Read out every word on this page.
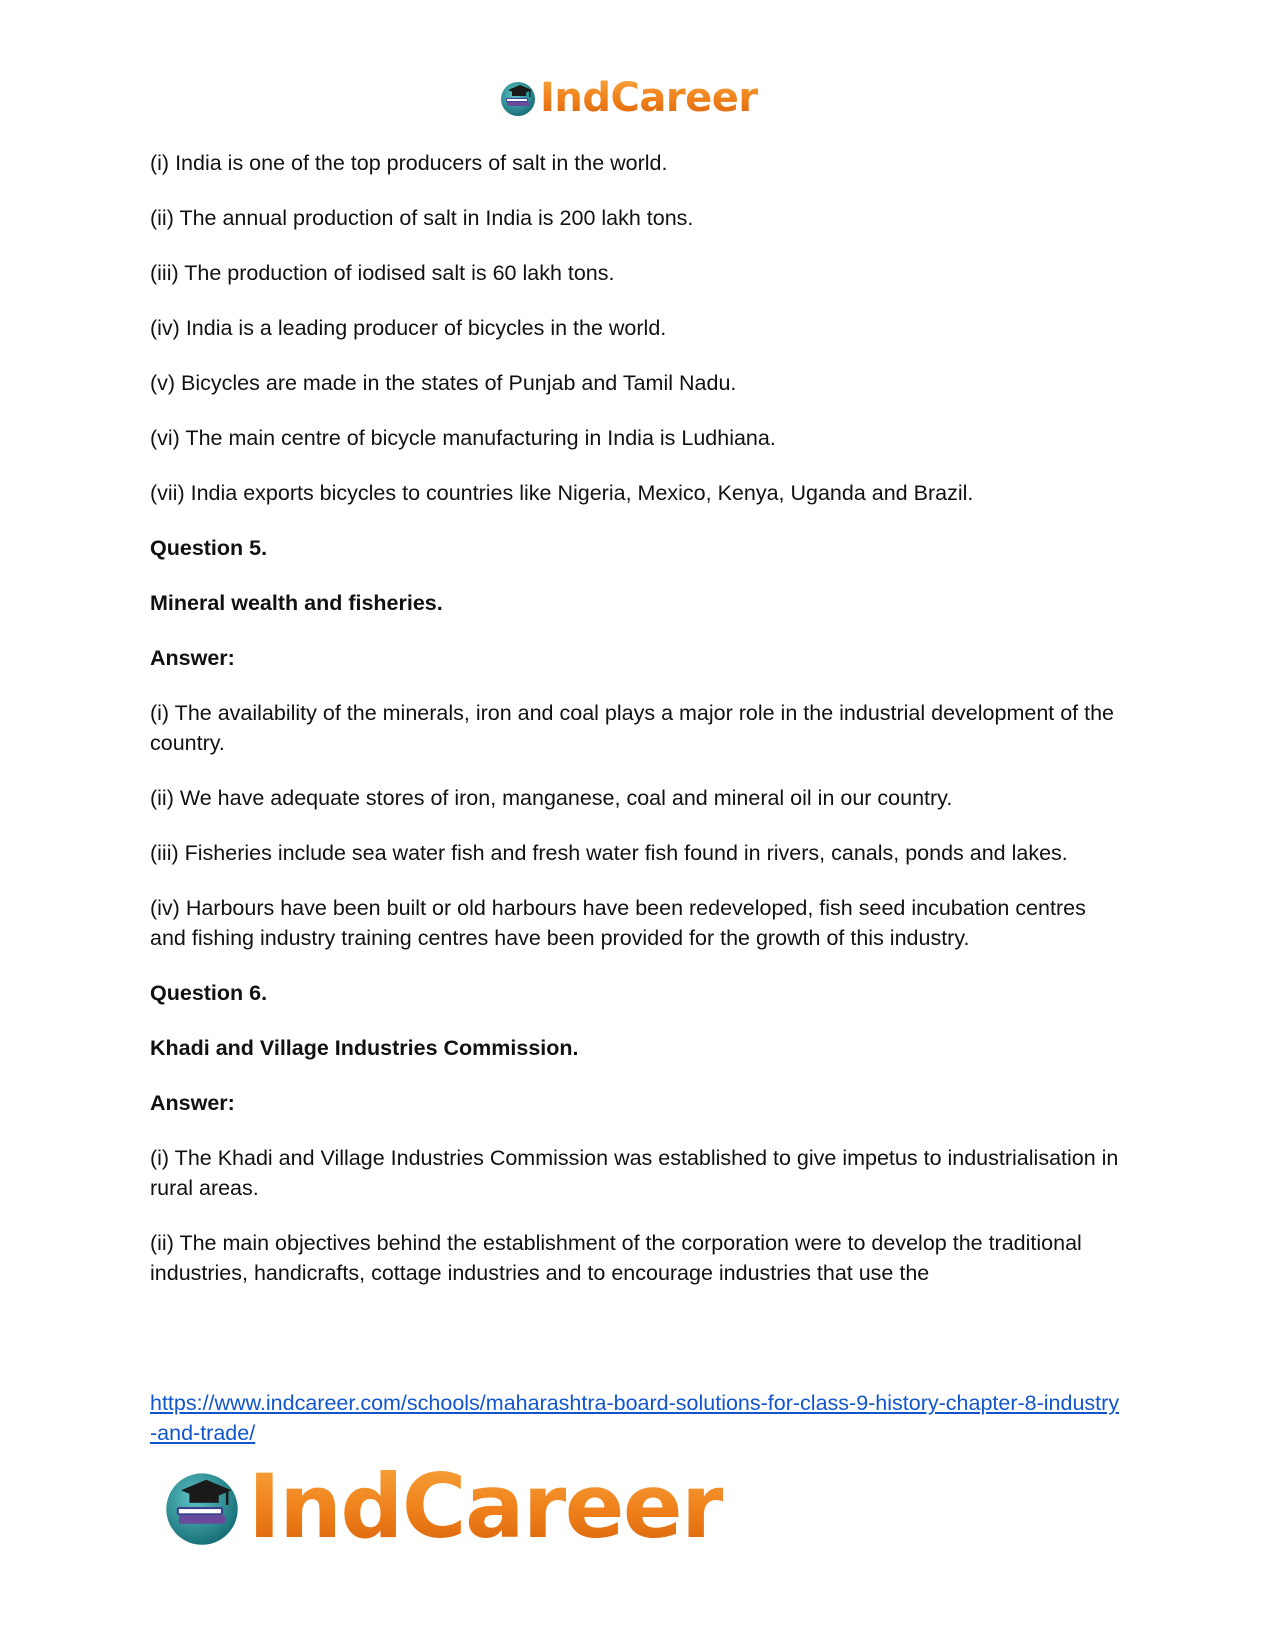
IndCareer

(i) India is one of the top producers of salt in the world.

(ii) The annual production of salt in India is 200 lakh tons.

(iii) The production of iodised salt is 60 lakh tons.

(iv) India is a leading producer of bicycles in the world.

(v) Bicycles are made in the states of Punjab and Tamil Nadu.

(vi) The main centre of bicycle manufacturing in India is Ludhiana.

(vii) India exports bicycles to countries like Nigeria, Mexico, Kenya, Uganda and Brazil.

Question 5.

Mineral wealth and fisheries.

Answer:

(i) The availability of the minerals, iron and coal plays a major role in the industrial development of the country.

(ii) We have adequate stores of iron, manganese, coal and mineral oil in our country.

(iii) Fisheries include sea water fish and fresh water fish found in rivers, canals, ponds and lakes.

(iv) Harbours have been built or old harbours have been redeveloped, fish seed incubation centres and fishing industry training centres have been provided for the growth of this industry.

Question 6.

Khadi and Village Industries Commission.

Answer:

(i) The Khadi and Village Industries Commission was established to give impetus to industrialisation in rural areas.

(ii) The main objectives behind the establishment of the corporation were to develop the traditional industries, handicrafts, cottage industries and to encourage industries that use the

https://www.indcareer.com/schools/maharashtra-board-solutions-for-class-9-history-chapter-8-industry-and-trade/
IndCareer
